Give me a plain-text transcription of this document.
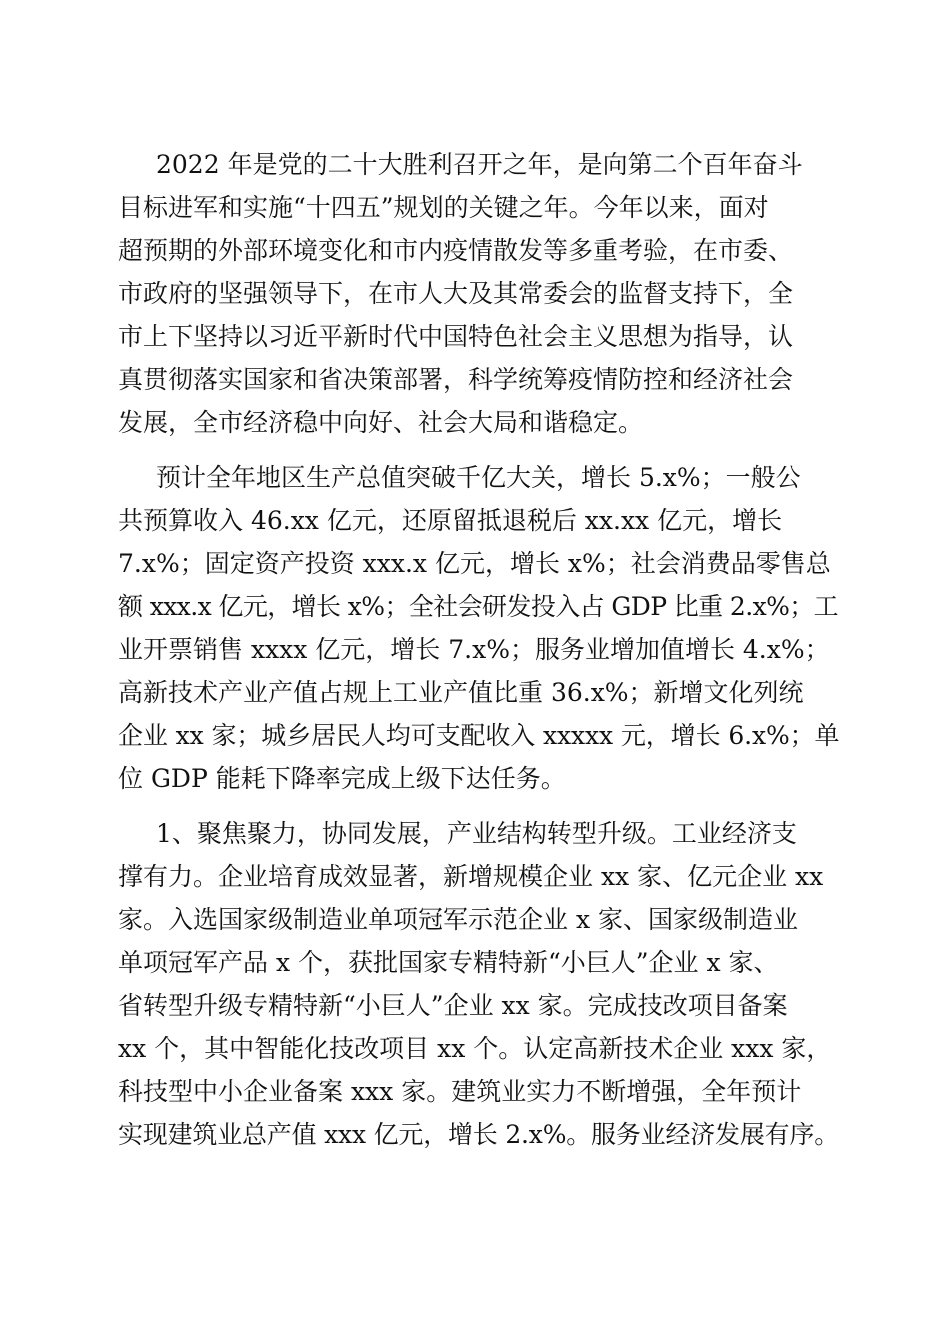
2022 年是党的二十大胜利召开之年，是向第二个百年奋斗
目标进军和实施“十四五”规划的关键之年。今年以来，面对
超预期的外部环境变化和市内疫情散发等多重考验，在市委、
市政府的坚强领导下，在市人大及其常委会的监督支持下，全
市上下坚持以习近平新时代中国特色社会主义思想为指导，认
真贯彻落实国家和省决策部署，科学统筹疫情防控和经济社会
发展，全市经济稳中向好、社会大局和谐稳定。
预计全年地区生产总值突破千亿大关，增长 5.x%；一般公
共预算收入 46.xx 亿元，还原留抵退税后 xx.xx 亿元，增长
7.x%；固定资产投资 xxx.x 亿元，增长 x%；社会消费品零售总
额 xxx.x 亿元，增长 x%；全社会研发投入占 GDP 比重 2.x%；工
业开票销售 xxxx 亿元，增长 7.x%；服务业增加值增长 4.x%；
高新技术产业产值占规上工业产值比重 36.x%；新增文化列统
企业 xx 家；城乡居民人均可支配收入 xxxxx 元，增长 6.x%；单
位 GDP 能耗下降率完成上级下达任务。
1、聚焦聚力，协同发展，产业结构转型升级。工业经济支
撑有力。企业培育成效显著，新增规模企业 xx 家、亿元企业 xx
家。入选国家级制造业单项冠军示范企业 x 家、国家级制造业
单项冠军产品 x 个，获批国家专精特新“小巨人”企业 x 家、
省转型升级专精特新“小巨人”企业 xx 家。完成技改项目备案
xx 个，其中智能化技改项目 xx 个。认定高新技术企业 xxx 家，
科技型中小企业备案 xxx 家。建筑业实力不断增强，全年预计
实现建筑业总产值 xxx 亿元，增长 2.x%。服务业经济发展有序。
